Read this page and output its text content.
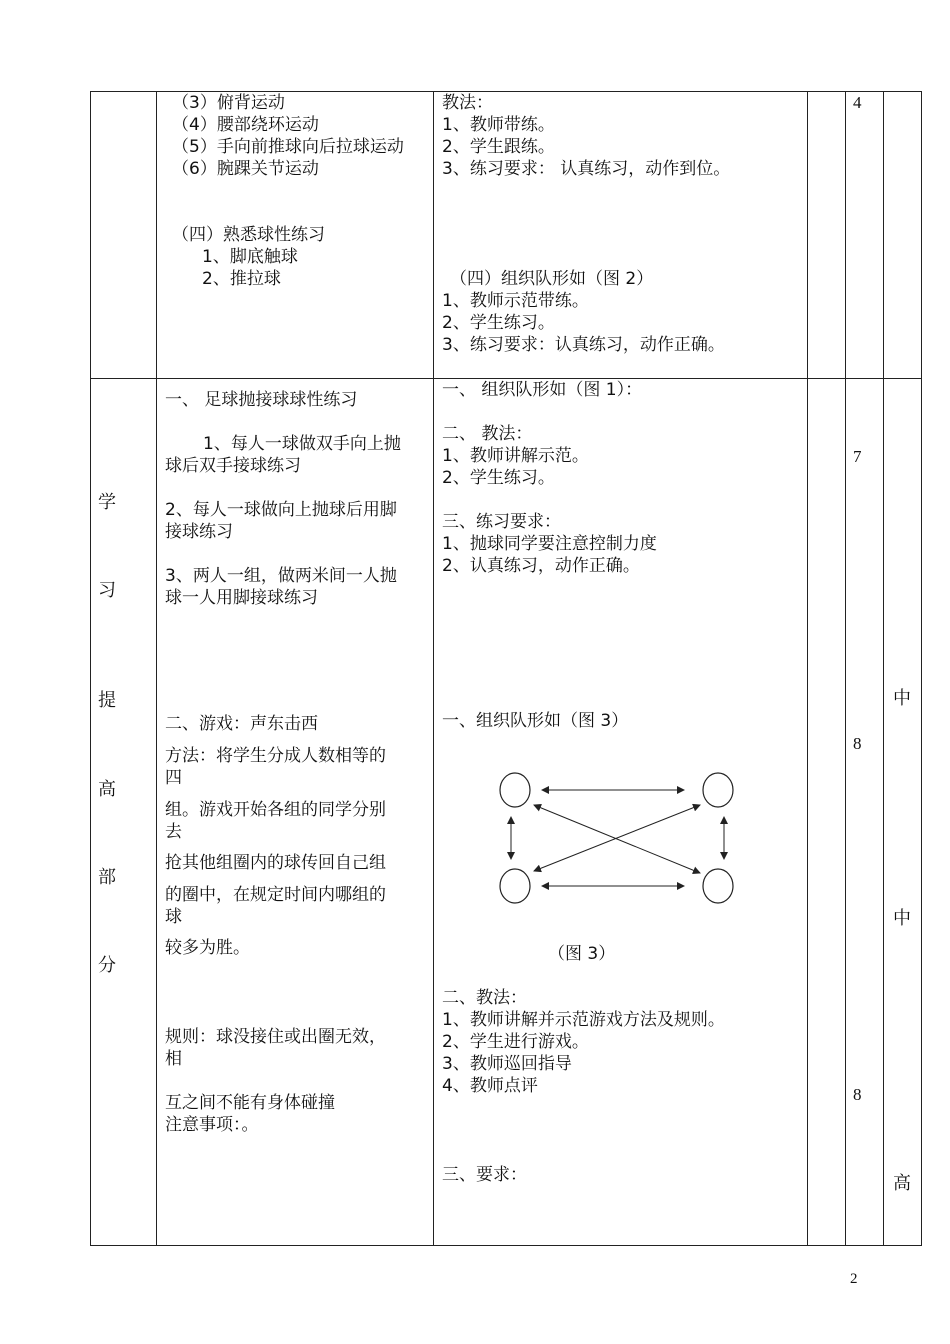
（3）俯背运动
（4）腰部绕环运动
（5）手向前推球向后拉球运动
（6）腕踝关节运动
（四）熟悉球性练习
1、脚底触球
2、推拉球
教法：
1、教师带练。
2、学生跟练。
3、练习要求： 认真练习，动作到位。
（四）组织队形如（图 2）
1、教师示范带练。
2、学生练习。
3、练习要求：认真练习，动作正确。
4
学
习
提
高
部
分
一、 足球抛接球球性练习
1、每人一球做双手向上抛
球后双手接球练习
2、每人一球做向上抛球后用脚
接球练习
3、两人一组，做两米间一人抛
球一人用脚接球练习
一、 组织队形如（图 1）：
二、 教法：
1、教师讲解示范。
2、学生练习。
三、练习要求：
1、抛球同学要注意控制力度
2、认真练习，动作正确。
7
二、游戏：声东击西
方法：将学生分成人数相等的
四
组。游戏开始各组的同学分别
去
抢其他组圈内的球传回自己组
的圈中，在规定时间内哪组的
球
较多为胜。
规则：球没接住或出圈无效，
相
互之间不能有身体碰撞
注意事项：。
一、组织队形如（图 3）
（图 3）
二、教法：
1、教师讲解并示范游戏方法及规则。
2、学生进行游戏。
3、教师巡回指导
4、教师点评
三、要求：
8
8
中
中
高
2
